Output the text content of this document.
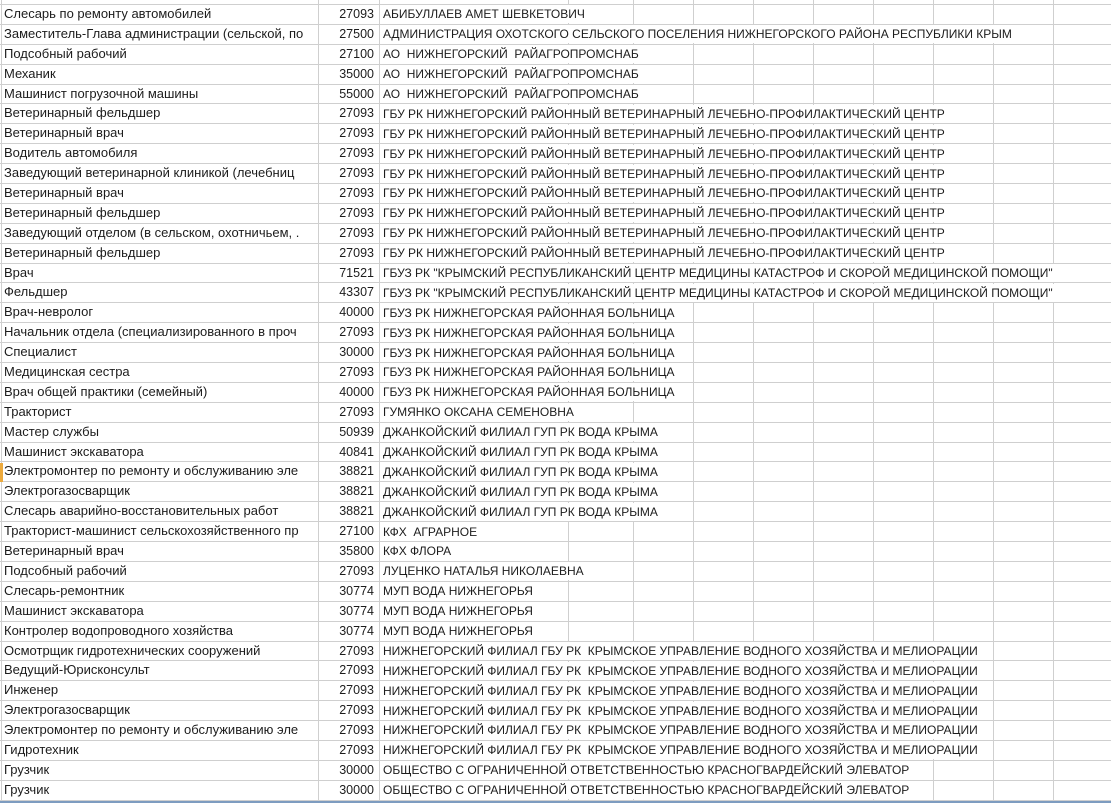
Слесарь по ремонту автомобилей	27093 АБИБУЛЛАЕВ АМЕТ ШЕВКЕТОВИЧ
Заместитель-Глава администрации (сельской, по	27500 АДМИНИСТРАЦИЯ ОХОТСКОГО СЕЛЬСКОГО ПОСЕЛЕНИЯ НИЖНЕГОРСКОГО РАЙОНА РЕСПУБЛИКИ КРЫМ
Подсобный рабочий	27100 АО  НИЖНЕГОРСКИЙ  РАЙАГРОПРОМСНАБ
Механик	35000 АО  НИЖНЕГОРСКИЙ  РАЙАГРОПРОМСНАБ
Машинист погрузочной машины	55000 АО  НИЖНЕГОРСКИЙ  РАЙАГРОПРОМСНАБ
Ветеринарный фельдшер	27093 ГБУ РК НИЖНЕГОРСКИЙ РАЙОННЫЙ ВЕТЕРИНАРНЫЙ ЛЕЧЕБНО-ПРОФИЛАКТИЧЕСКИЙ ЦЕНТР
Ветеринарный врач	27093 ГБУ РК НИЖНЕГОРСКИЙ РАЙОННЫЙ ВЕТЕРИНАРНЫЙ ЛЕЧЕБНО-ПРОФИЛАКТИЧЕСКИЙ ЦЕНТР
Водитель автомобиля	27093 ГБУ РК НИЖНЕГОРСКИЙ РАЙОННЫЙ ВЕТЕРИНАРНЫЙ ЛЕЧЕБНО-ПРОФИЛАКТИЧЕСКИЙ ЦЕНТР
Заведующий ветеринарной клиникой (лечебниц	27093 ГБУ РК НИЖНЕГОРСКИЙ РАЙОННЫЙ ВЕТЕРИНАРНЫЙ ЛЕЧЕБНО-ПРОФИЛАКТИЧЕСКИЙ ЦЕНТР
Ветеринарный врач	27093 ГБУ РК НИЖНЕГОРСКИЙ РАЙОННЫЙ ВЕТЕРИНАРНЫЙ ЛЕЧЕБНО-ПРОФИЛАКТИЧЕСКИЙ ЦЕНТР
Ветеринарный фельдшер	27093 ГБУ РК НИЖНЕГОРСКИЙ РАЙОННЫЙ ВЕТЕРИНАРНЫЙ ЛЕЧЕБНО-ПРОФИЛАКТИЧЕСКИЙ ЦЕНТР
Заведующий отделом (в сельском, охотничьем, .	27093 ГБУ РК НИЖНЕГОРСКИЙ РАЙОННЫЙ ВЕТЕРИНАРНЫЙ ЛЕЧЕБНО-ПРОФИЛАКТИЧЕСКИЙ ЦЕНТР
Ветеринарный фельдшер	27093 ГБУ РК НИЖНЕГОРСКИЙ РАЙОННЫЙ ВЕТЕРИНАРНЫЙ ЛЕЧЕБНО-ПРОФИЛАКТИЧЕСКИЙ ЦЕНТР
Врач	71521 ГБУЗ РК "КРЫМСКИЙ РЕСПУБЛИКАНСКИЙ ЦЕНТР МЕДИЦИНЫ КАТАСТРОФ И СКОРОЙ МЕДИЦИНСКОЙ ПОМОЩИ"
Фельдшер	43307 ГБУЗ РК "КРЫМСКИЙ РЕСПУБЛИКАНСКИЙ ЦЕНТР МЕДИЦИНЫ КАТАСТРОФ И СКОРОЙ МЕДИЦИНСКОЙ ПОМОЩИ"
Врач-невролог	40000 ГБУЗ РК НИЖНЕГОРСКАЯ РАЙОННАЯ БОЛЬНИЦА
Начальник отдела (специализированного в проч	27093 ГБУЗ РК НИЖНЕГОРСКАЯ РАЙОННАЯ БОЛЬНИЦА
Специалист	30000 ГБУЗ РК НИЖНЕГОРСКАЯ РАЙОННАЯ БОЛЬНИЦА
Медицинская сестра	27093 ГБУЗ РК НИЖНЕГОРСКАЯ РАЙОННАЯ БОЛЬНИЦА
Врач общей практики (семейный)	40000 ГБУЗ РК НИЖНЕГОРСКАЯ РАЙОННАЯ БОЛЬНИЦА
Тракторист	27093 ГУМЯНКО ОКСАНА СЕМЕНОВНА
Мастер службы	50939 ДЖАНКОЙСКИЙ ФИЛИАЛ ГУП РК ВОДА КРЫМА
Машинист экскаватора	40841 ДЖАНКОЙСКИЙ ФИЛИАЛ ГУП РК ВОДА КРЫМА
Электромонтер по ремонту и обслуживанию эле	38821 ДЖАНКОЙСКИЙ ФИЛИАЛ ГУП РК ВОДА КРЫМА
Электрогазосварщик	38821 ДЖАНКОЙСКИЙ ФИЛИАЛ ГУП РК ВОДА КРЫМА
Слесарь аварийно-восстановительных работ	38821 ДЖАНКОЙСКИЙ ФИЛИАЛ ГУП РК ВОДА КРЫМА
Тракторист-машинист сельскохозяйственного пр	27100 КФХ  АГРАРНОЕ
Ветеринарный врач	35800 КФХ ФЛОРА
Подсобный рабочий	27093 ЛУЦЕНКО НАТАЛЬЯ НИКОЛАЕВНА
Слесарь-ремонтник	30774 МУП ВОДА НИЖНЕГОРЬЯ
Машинист экскаватора	30774 МУП ВОДА НИЖНЕГОРЬЯ
Контролер водопроводного хозяйства	30774 МУП ВОДА НИЖНЕГОРЬЯ
Осмотрщик гидротехнических сооружений	27093 НИЖНЕГОРСКИЙ ФИЛИАЛ ГБУ РК  КРЫМСКОЕ УПРАВЛЕНИЕ ВОДНОГО ХОЗЯЙСТВА И МЕЛИОРАЦИИ
Ведущий-Юрисконсульт	27093 НИЖНЕГОРСКИЙ ФИЛИАЛ ГБУ РК  КРЫМСКОЕ УПРАВЛЕНИЕ ВОДНОГО ХОЗЯЙСТВА И МЕЛИОРАЦИИ
Инженер	27093 НИЖНЕГОРСКИЙ ФИЛИАЛ ГБУ РК  КРЫМСКОЕ УПРАВЛЕНИЕ ВОДНОГО ХОЗЯЙСТВА И МЕЛИОРАЦИИ
Электрогазосварщик	27093 НИЖНЕГОРСКИЙ ФИЛИАЛ ГБУ РК  КРЫМСКОЕ УПРАВЛЕНИЕ ВОДНОГО ХОЗЯЙСТВА И МЕЛИОРАЦИИ
Электромонтер по ремонту и обслуживанию эле	27093 НИЖНЕГОРСКИЙ ФИЛИАЛ ГБУ РК  КРЫМСКОЕ УПРАВЛЕНИЕ ВОДНОГО ХОЗЯЙСТВА И МЕЛИОРАЦИИ
Гидротехник	27093 НИЖНЕГОРСКИЙ ФИЛИАЛ ГБУ РК  КРЫМСКОЕ УПРАВЛЕНИЕ ВОДНОГО ХОЗЯЙСТВА И МЕЛИОРАЦИИ
Грузчик	30000 ОБЩЕСТВО С ОГРАНИЧЕННОЙ ОТВЕТСТВЕННОСТЬЮ КРАСНОГВАРДЕЙСКИЙ ЭЛЕВАТОР
Грузчик	30000 ОБЩЕСТВО С ОГРАНИЧЕННОЙ ОТВЕТСТВЕННОСТЬЮ КРАСНОГВАРДЕЙСКИЙ ЭЛЕВАТОР
